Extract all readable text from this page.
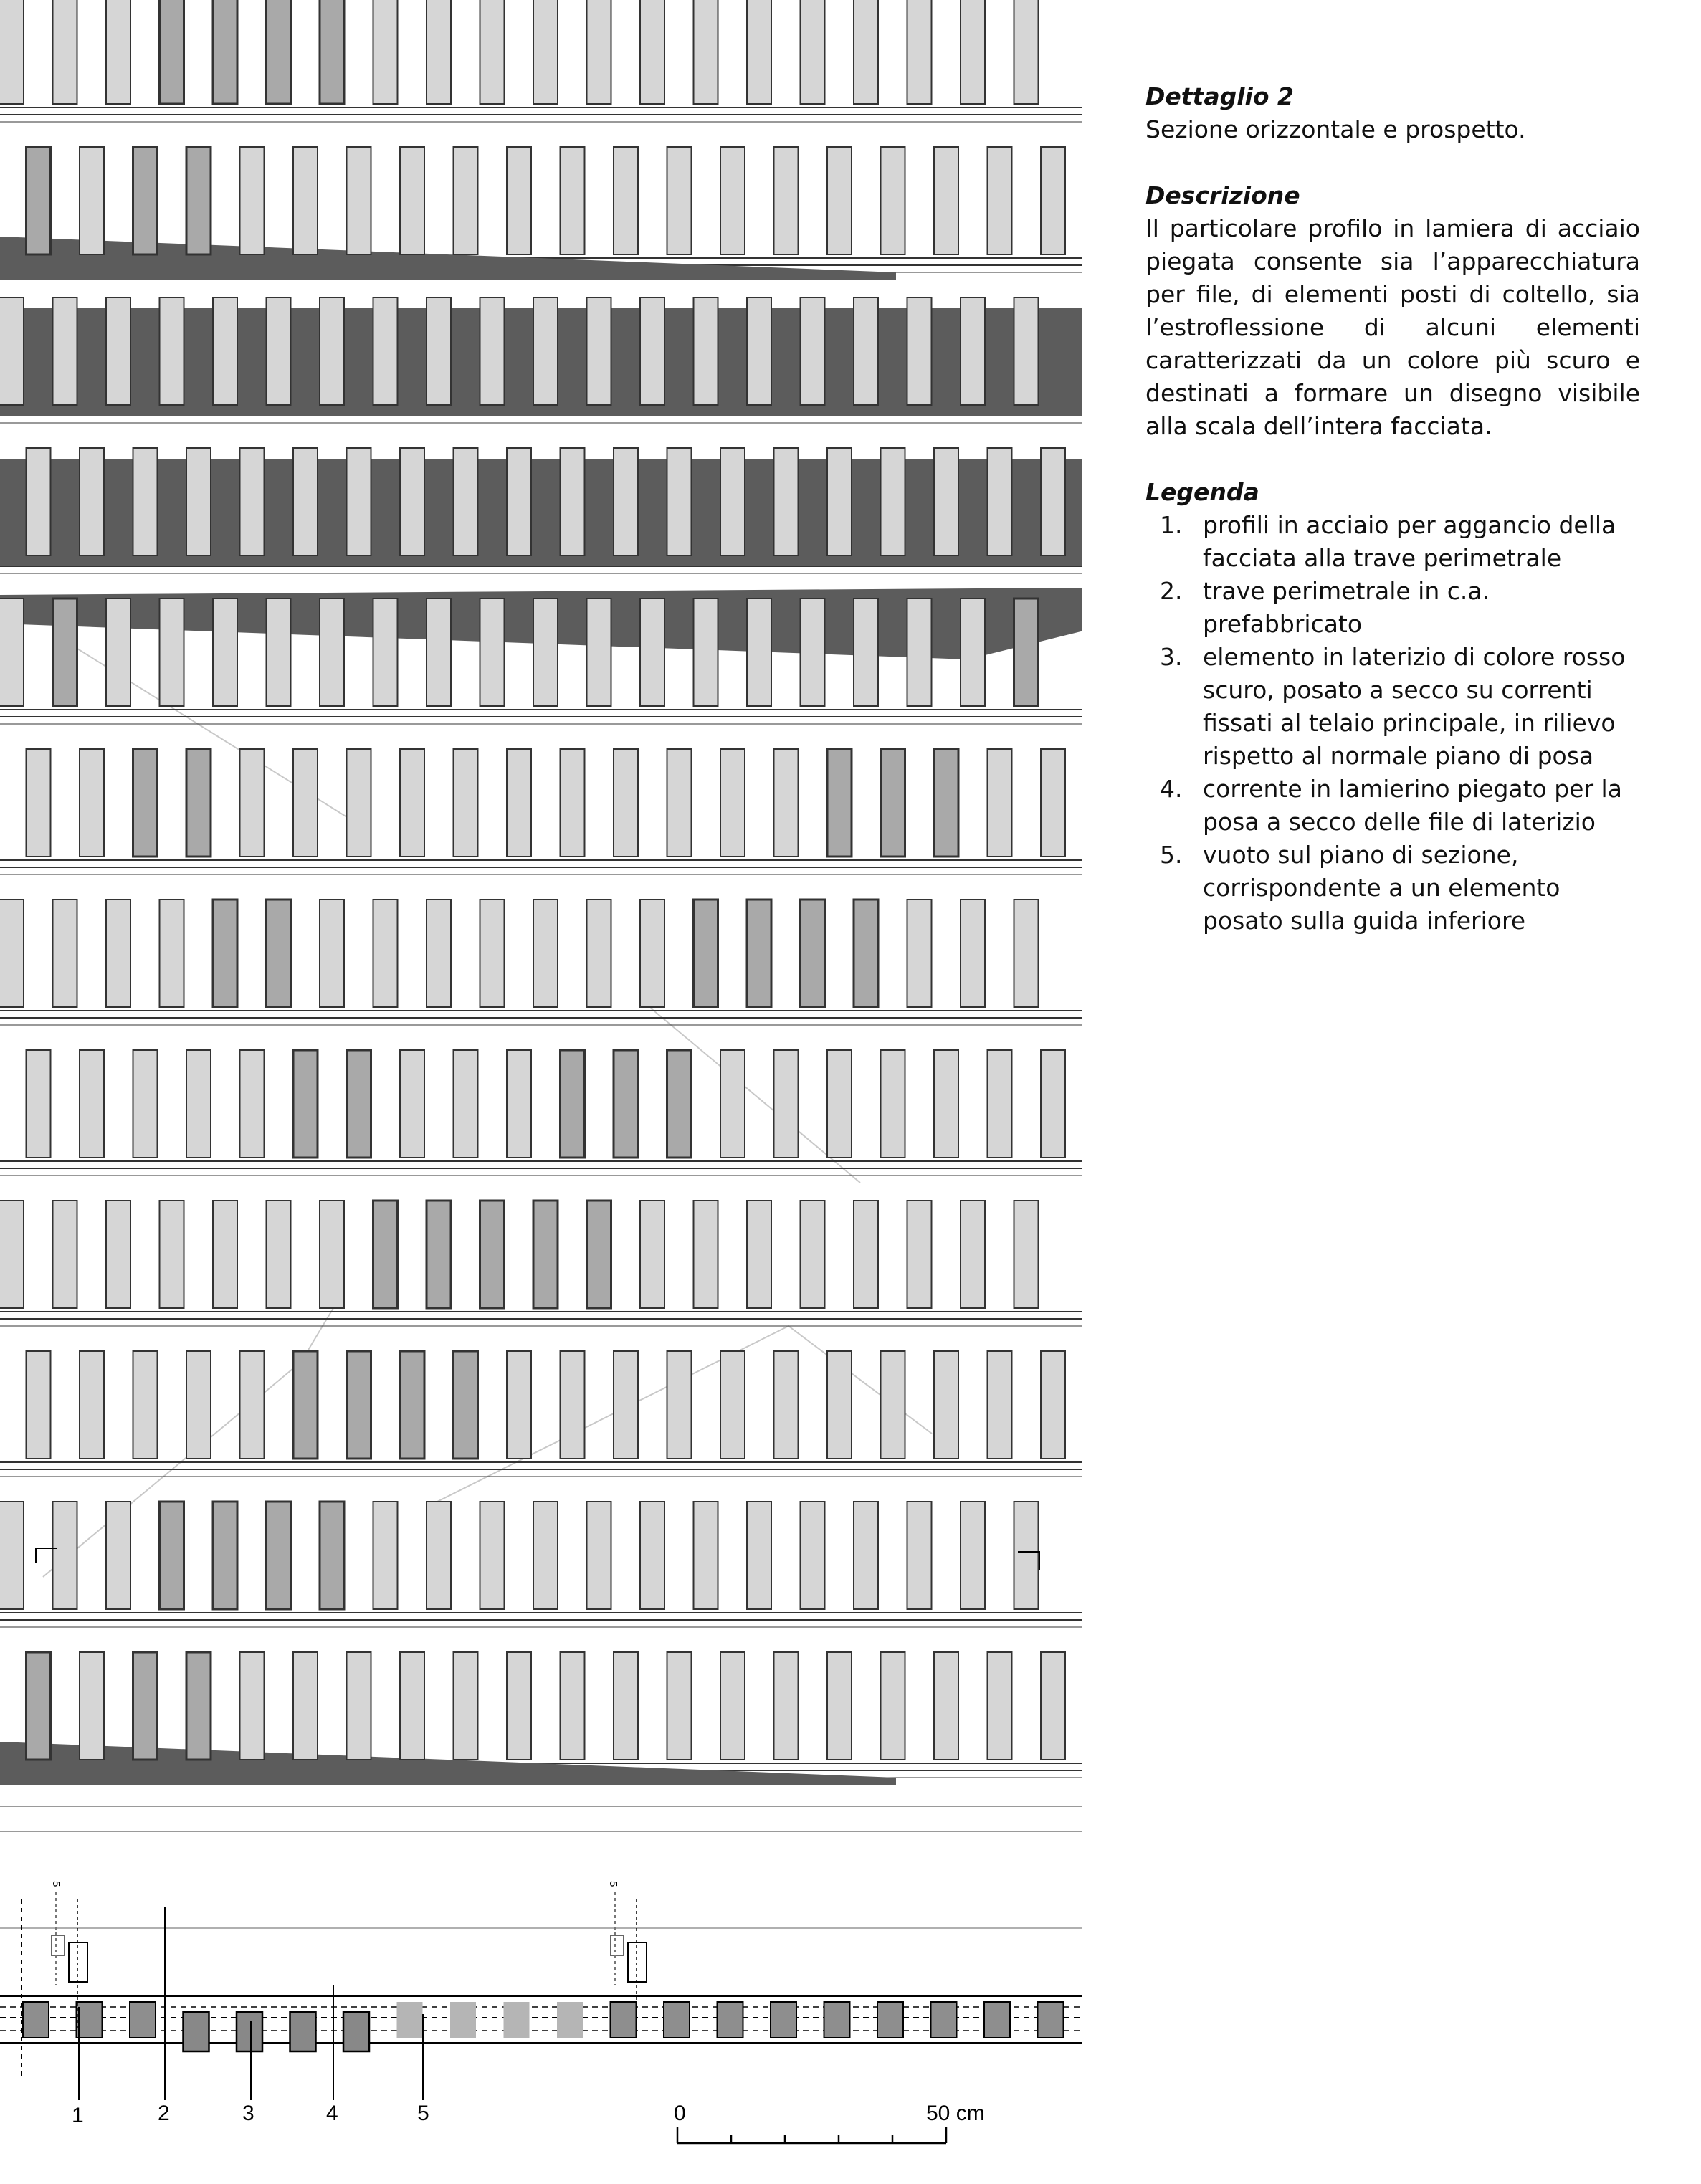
1	2	3	4	5	0	50 cm
5	5

Dettaglio 2

Sezione orizzontale e prospetto.

Descrizione

Il particolare profilo in lamiera di acciaio piegata consente sia l’apparecchiatura per file, di elementi posti di coltello, sia l’estroflessione di alcuni elementi caratterizzati da un colore più scuro e destinati a formare un disegno visibile alla scala dell’intera facciata.

Legenda

1. profili in acciaio per aggancio della facciata alla trave perimetrale
2. trave perimetrale in c.a. prefabbricato
3. elemento in laterizio di colore rosso scuro, posato a secco su correnti fissati al telaio principale, in rilievo rispetto al normale piano di posa
4. corrente in lamierino piegato per la posa a secco delle file di laterizio
5. vuoto sul piano di sezione, corrispondente a un elemento posato sulla guida inferiore
